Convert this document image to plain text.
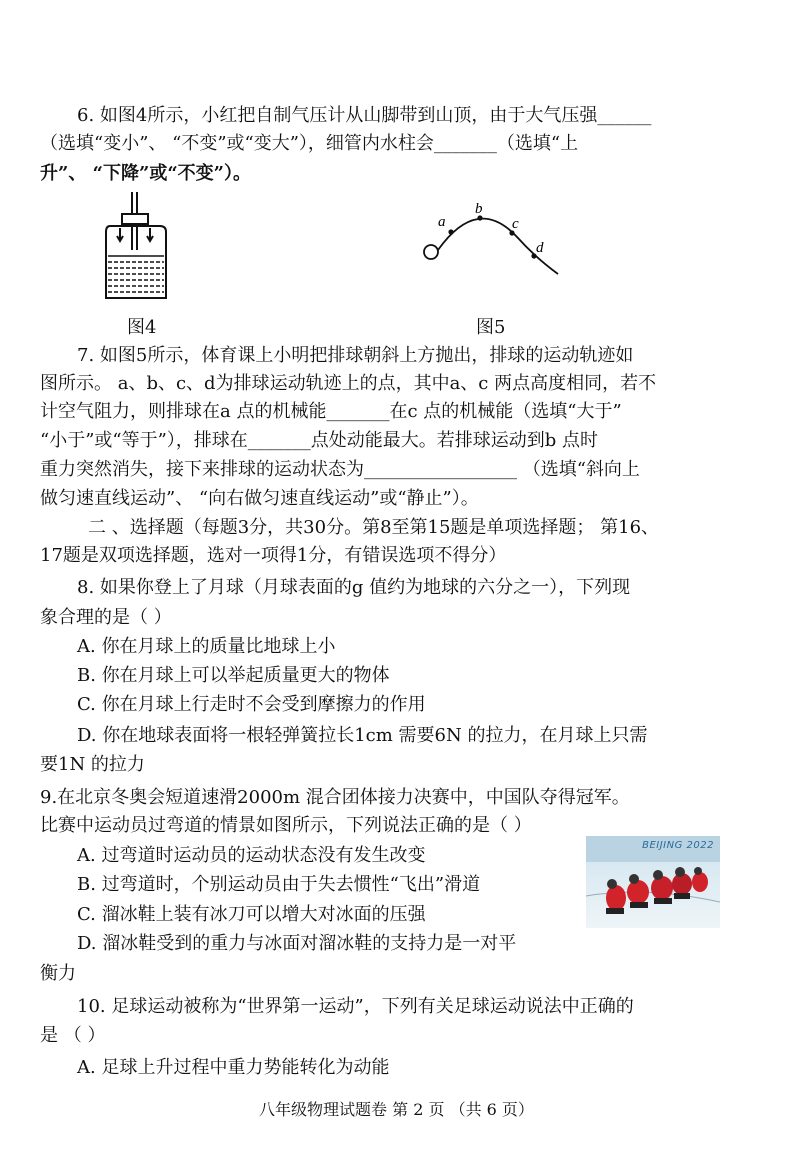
6. 如图4所示，小红把自制气压计从山脚带到山顶，由于大气压强______
（选填“变小”、 “不变”或“变大”），细管内水柱会_______（选填“上
升”、 “下降”或“不变”）。
图4
a
b
c
d
图5
7. 如图5所示，体育课上小明把排球朝斜上方抛出，排球的运动轨迹如
图所示。 a、b、c、d为排球运动轨迹上的点，其中a、c 两点高度相同，若不
计空气阻力，则排球在a 点的机械能_______在c 点的机械能（选填“大于”
“小于”或“等于”），排球在_______点处动能最大。若排球运动到b 点时
重力突然消失，接下来排球的运动状态为_________________ （选填“斜向上
做匀速直线运动”、 “向右做匀速直线运动”或“静止”）。
二 、选择题（每题3分，共30分。第8至第15题是单项选择题； 第16、
17题是双项选择题，选对一项得1分，有错误选项不得分）
8. 如果你登上了月球（月球表面的g 值约为地球的六分之一），下列现
象合理的是（ ）
A. 你在月球上的质量比地球上小
B. 你在月球上可以举起质量更大的物体
C. 你在月球上行走时不会受到摩擦力的作用
D. 你在地球表面将一根轻弹簧拉长1cm 需要6N 的拉力，在月球上只需
要1N 的拉力
9.在北京冬奥会短道速滑2000m 混合团体接力决赛中，中国队夺得冠军。
比赛中运动员过弯道的情景如图所示，下列说法正确的是（ ）
A. 过弯道时运动员的运动状态没有发生改变
B. 过弯道时，个别运动员由于失去惯性“飞出”滑道
C. 溜冰鞋上装有冰刀可以增大对冰面的压强
D. 溜冰鞋受到的重力与冰面对溜冰鞋的支持力是一对平
衡力
BEIJING 2022
10. 足球运动被称为“世界第一运动”，下列有关足球运动说法中正确的
是 （ ）
A. 足球上升过程中重力势能转化为动能
八年级物理试题卷 第 2 页 （共 6 页）
